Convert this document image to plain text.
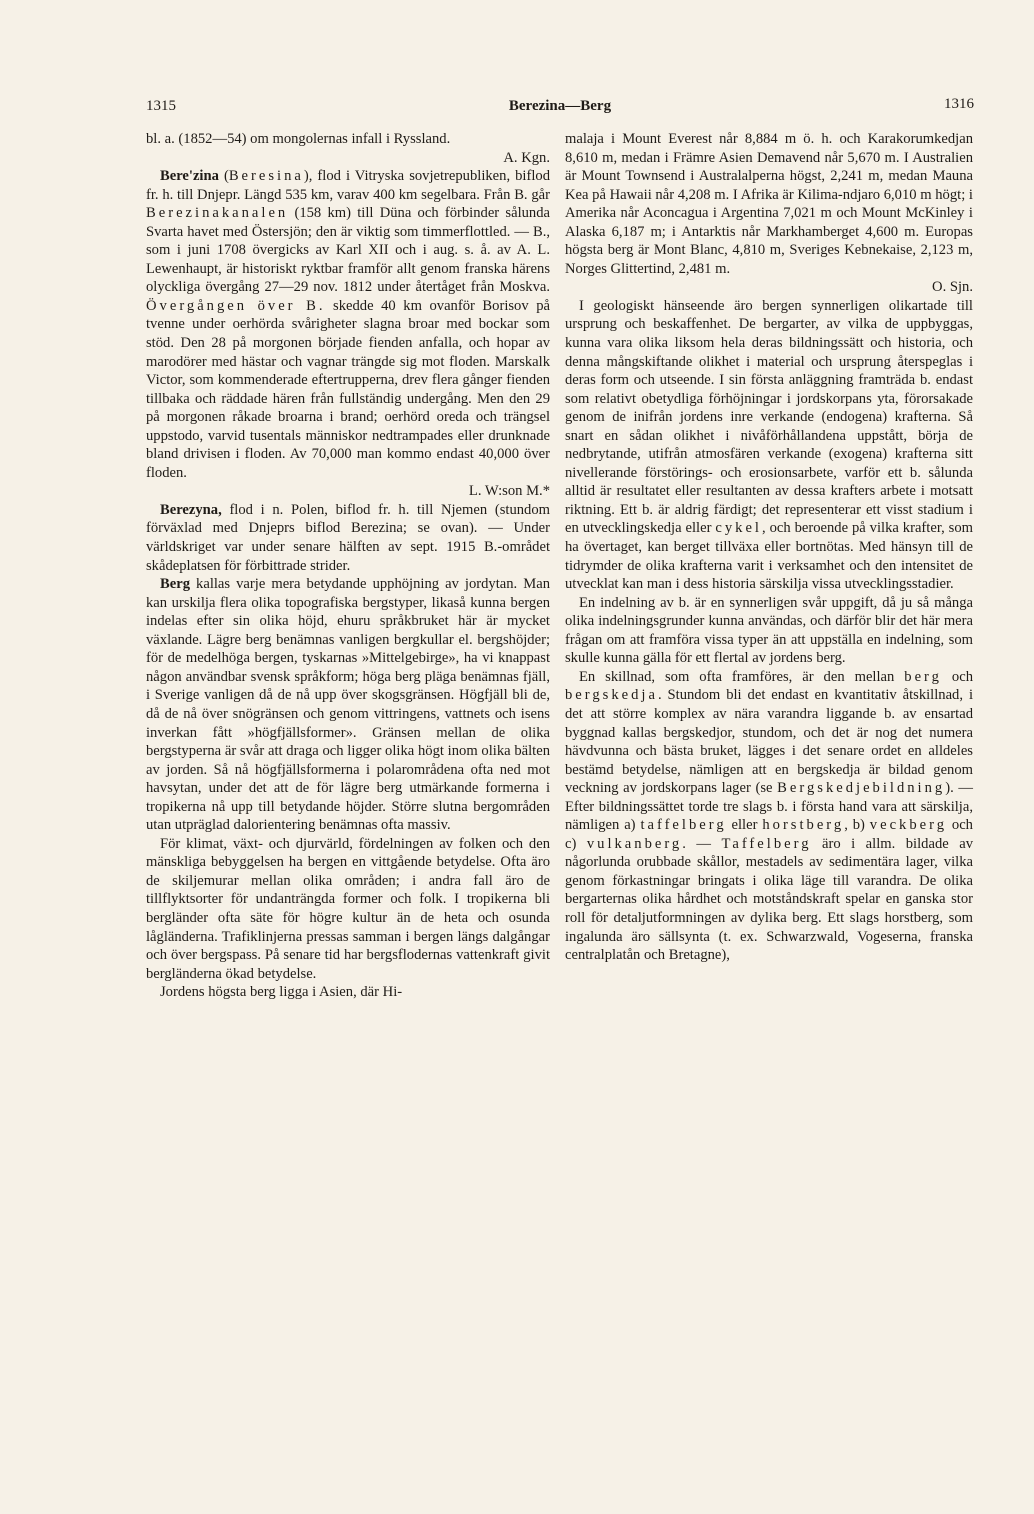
1315	Berezina—Berg	1316

bl. a. (1852—54) om mongolernas infall i Ryssland.
A. Kgn.

Bere'zina (Beresina), flod i Vitryska sovjetrepubliken, biflod fr. h. till Dnjepr. Längd 535 km, varav 400 km segelbara. Från B. går Berezinakanalen (158 km) till Düna och förbinder sålunda Svarta havet med Östersjön; den är viktig som timmerflottled. — B., som i juni 1708 övergicks av Karl XII och i aug. s. å. av A. L. Lewenhaupt, är historiskt ryktbar framför allt genom franska härens olyckliga övergång 27—29 nov. 1812 under återtåget från Moskva. Övergången över B. skedde 40 km ovanför Borisov på tvenne under oerhörda svårigheter slagna broar med bockar som stöd. Den 28 på morgonen började fienden anfalla, och hopar av marodörer med hästar och vagnar trängde sig mot floden. Marskalk Victor, som kommenderade eftertrupperna, drev flera gånger fienden tillbaka och räddade hären från fullständig undergång. Men den 29 på morgonen råkade broarna i brand; oerhörd oreda och trängsel uppstodo, varvid tusentals människor nedtrampades eller drunknade bland drivisen i floden. Av 70,000 man kommo endast 40,000 över floden.
L. W:son M.*

Berezyna, flod i n. Polen, biflod fr. h. till Njemen (stundom förväxlad med Dnjeprs biflod Berezina; se ovan). — Under världskriget var under senare hälften av sept. 1915 B.-området skådeplatsen för förbittrade strider.

Berg kallas varje mera betydande upphöjning av jordytan. Man kan urskilja flera olika topografiska bergstyper, likaså kunna bergen indelas efter sin olika höjd, ehuru språkbruket här är mycket växlande. Lägre berg benämnas vanligen bergkullar el. bergshöjder; för de medelhöga bergen, tyskarnas »Mittelgebirge», ha vi knappast någon användbar svensk språkform; höga berg pläga benämnas fjäll, i Sverige vanligen då de nå upp över skogsgränsen. Högfjäll bli de, då de nå över snögränsen och genom vittringens, vattnets och isens inverkan fått »högfjällsformer». Gränsen mellan de olika bergstyperna är svår att draga och ligger olika högt inom olika bälten av jorden. Så nå högfjällsformerna i polarområdena ofta ned mot havsytan, under det att de för lägre berg utmärkande formerna i tropikerna nå upp till betydande höjder. Större slutna bergområden utan utpräglad dalorientering benämnas ofta massiv.

För klimat, växt- och djurvärld, fördelningen av folken och den mänskliga bebyggelsen ha bergen en vittgående betydelse. Ofta äro de skiljemurar mellan olika områden; i andra fall äro de tillflyktsorter för undanträngda former och folk. I tropikerna bli bergländer ofta säte för högre kultur än de heta och osunda lågländerna. Trafiklinjerna pressas samman i bergen längs dalgångar och över bergspass. På senare tid har bergsflodernas vattenkraft givit bergländerna ökad betydelse.

Jordens högsta berg ligga i Asien, där Hi-

malaja i Mount Everest når 8,884 m ö. h. och Karakorumkedjan 8,610 m, medan i Främre Asien Demavend når 5,670 m. I Australien är Mount Townsend i Australalperna högst, 2,241 m, medan Mauna Kea på Hawaii når 4,208 m. I Afrika är Kilima-ndjaro 6,010 m högt; i Amerika når Aconcagua i Argentina 7,021 m och Mount McKinley i Alaska 6,187 m; i Antarktis når Markhamberget 4,600 m. Europas högsta berg är Mont Blanc, 4,810 m, Sveriges Kebnekaise, 2,123 m, Norges Glittertind, 2,481 m.
O. Sjn.

I geologiskt hänseende äro bergen synnerligen olikartade till ursprung och beskaffenhet. De bergarter, av vilka de uppbyggas, kunna vara olika liksom hela deras bildningssätt och historia, och denna mångskiftande olikhet i material och ursprung återspeglas i deras form och utseende. I sin första anläggning framträda b. endast som relativt obetydliga förhöjningar i jordskorpans yta, förorsakade genom de inifrån jordens inre verkande (endogena) krafterna. Så snart en sådan olikhet i nivåförhållandena uppstått, börja de nedbrytande, utifrån atmosfären verkande (exogena) krafterna sitt nivellerande förstörings- och erosionsarbete, varför ett b. sålunda alltid är resultatet eller resultanten av dessa krafters arbete i motsatt riktning. Ett b. är aldrig färdigt; det representerar ett visst stadium i en utvecklingskedja eller cykel, och beroende på vilka krafter, som ha övertaget, kan berget tillväxa eller bortnötas. Med hänsyn till de tidrymder de olika krafterna varit i verksamhet och den intensitet de utvecklat kan man i dess historia särskilja vissa utvecklingsstadier.

En indelning av b. är en synnerligen svår uppgift, då ju så många olika indelningsgrunder kunna användas, och därför blir det här mera frågan om att framföra vissa typer än att uppställa en indelning, som skulle kunna gälla för ett flertal av jordens berg.

En skillnad, som ofta framföres, är den mellan berg och bergskedja. Stundom bli det endast en kvantitativ åtskillnad, i det att större komplex av nära varandra liggande b. av ensartad byggnad kallas bergskedjor, stundom, och det är nog det numera hävdvunna och bästa bruket, lägges i det senare ordet en alldeles bestämd betydelse, nämligen att en bergskedja är bildad genom veckning av jordskorpans lager (se Bergskedjebildning). — Efter bildningssättet torde tre slags b. i första hand vara att särskilja, nämligen a) taffelberg eller horstberg, b) veckberg och c) vulkanberg. — Taffelberg äro i allm. bildade av någorlunda orubbade skållor, mestadels av sedimentära lager, vilka genom förkastningar bringats i olika läge till varandra. De olika bergarternas olika hårdhet och motståndskraft spelar en ganska stor roll för detaljutformningen av dylika berg. Ett slags horstberg, som ingalunda äro sällsynta (t. ex. Schwarzwald, Vogeserna, franska centralplatån och Bretagne),
